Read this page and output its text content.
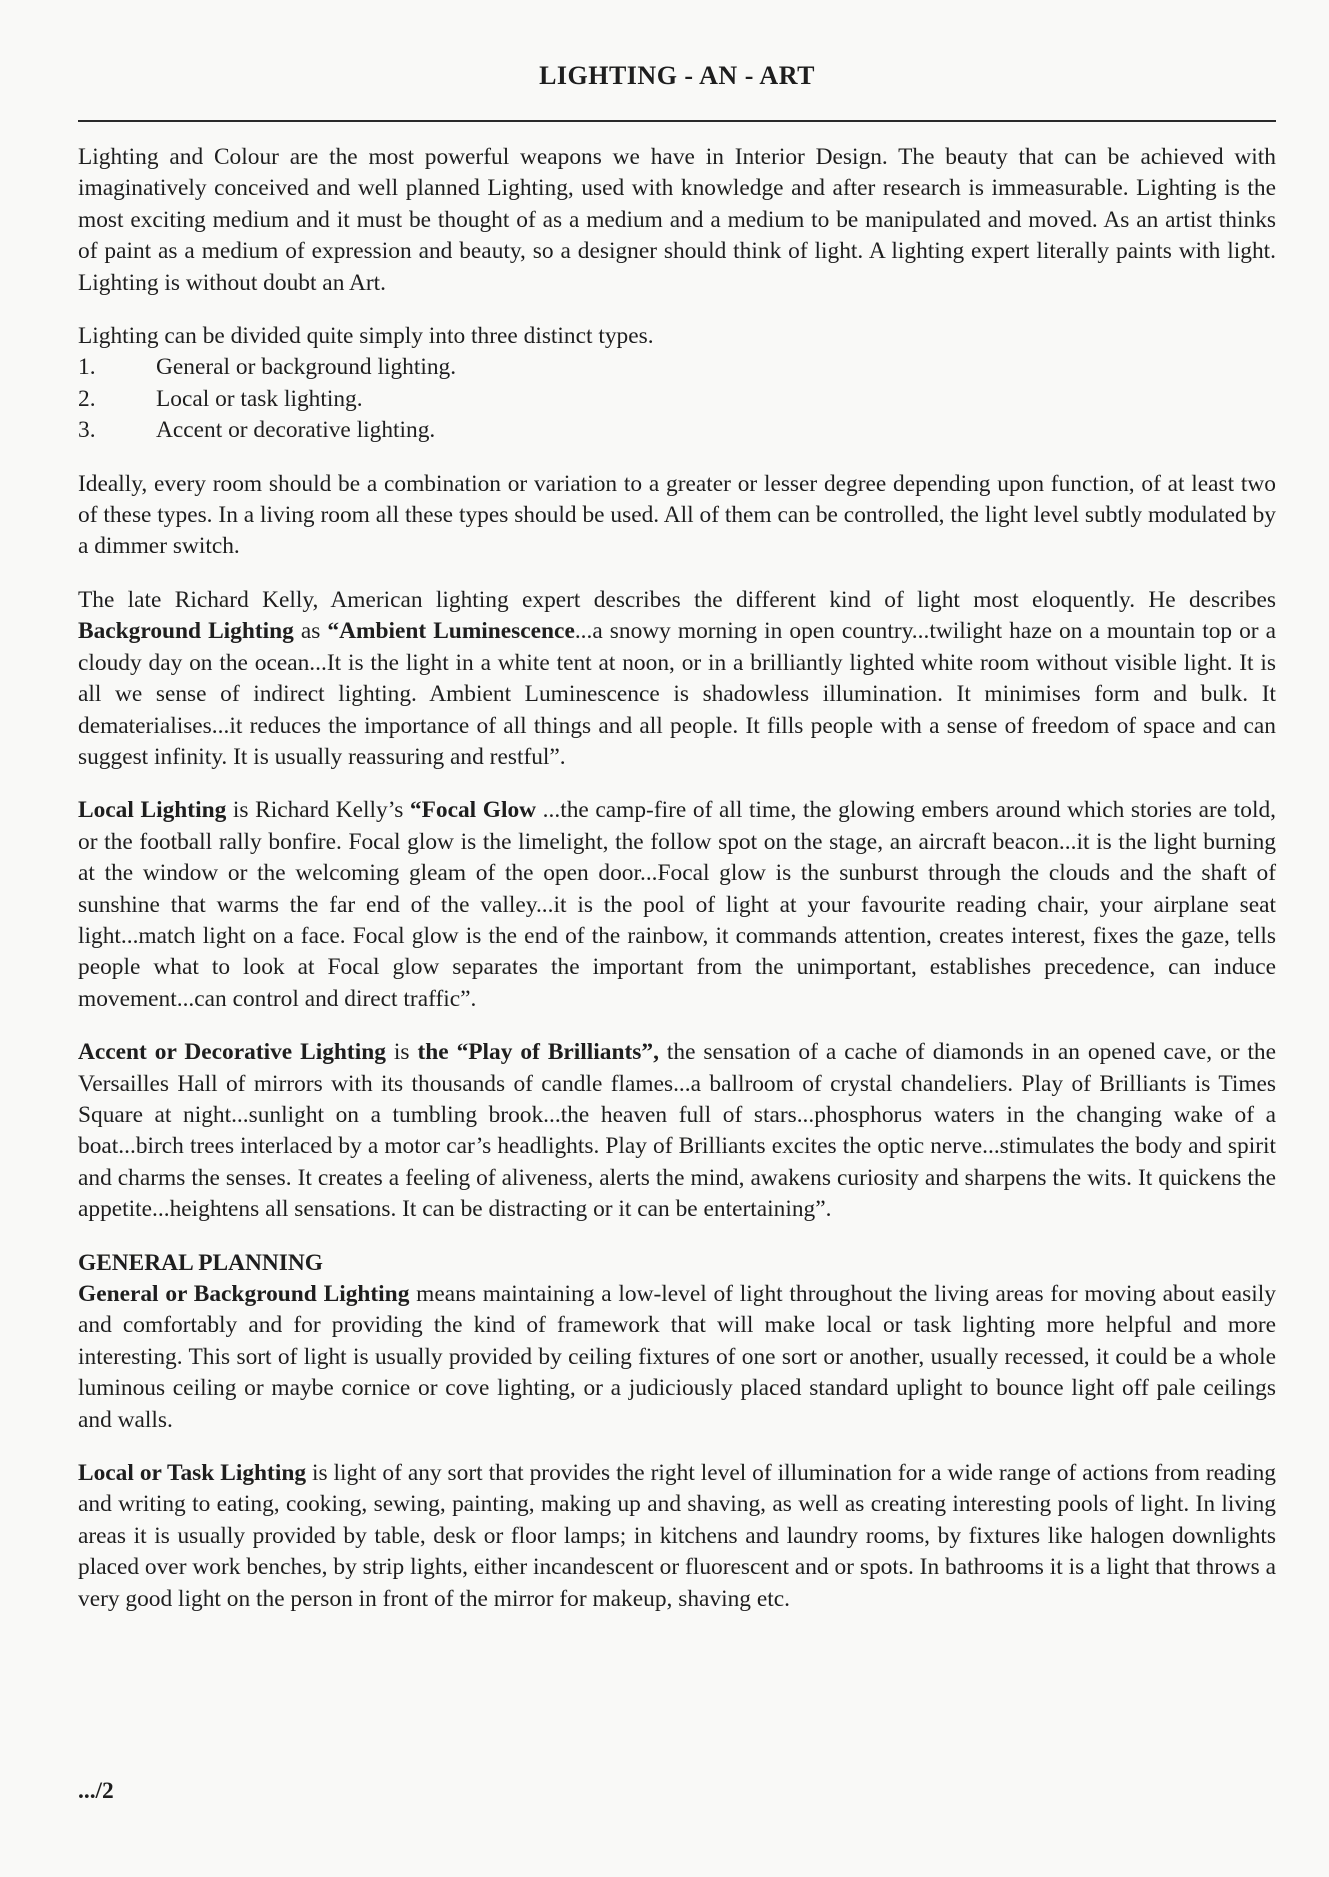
LIGHTING - AN - ART

Lighting and Colour are the most powerful weapons we have in Interior Design. The beauty that can be achieved with imaginatively conceived and well planned Lighting, used with knowledge and after research is immeasurable. Lighting is the most exciting medium and it must be thought of as a medium and a medium to be manipulated and moved. As an artist thinks of paint as a medium of expression and beauty, so a designer should think of light. A lighting expert literally paints with light. Lighting is without doubt an Art.

Lighting can be divided quite simply into three distinct types.
1.	General or background lighting.
2.	Local or task lighting.
3.	Accent or decorative lighting.

Ideally, every room should be a combination or variation to a greater or lesser degree depending upon function, of at least two of these types. In a living room all these types should be used. All of them can be controlled, the light level subtly modulated by a dimmer switch.

The late Richard Kelly, American lighting expert describes the different kind of light most eloquently. He describes Background Lighting as “Ambient Luminescence...a snowy morning in open country...twilight haze on a mountain top or a cloudy day on the ocean...It is the light in a white tent at noon, or in a brilliantly lighted white room without visible light. It is all we sense of indirect lighting. Ambient Luminescence is shadowless illumination. It minimises form and bulk. It dematerialises...it reduces the importance of all things and all people. It fills people with a sense of freedom of space and can suggest infinity. It is usually reassuring and restful”.

Local Lighting is Richard Kelly’s “Focal Glow ...the camp-fire of all time, the glowing embers around which stories are told, or the football rally bonfire. Focal glow is the limelight, the follow spot on the stage, an aircraft beacon...it is the light burning at the window or the welcoming gleam of the open door...Focal glow is the sunburst through the clouds and the shaft of sunshine that warms the far end of the valley...it is the pool of light at your favourite reading chair, your airplane seat light...match light on a face. Focal glow is the end of the rainbow, it commands attention, creates interest, fixes the gaze, tells people what to look at Focal glow separates the important from the unimportant, establishes precedence, can induce movement...can control and direct traffic”.

Accent or Decorative Lighting is the “Play of Brilliants”, the sensation of a cache of diamonds in an opened cave, or the Versailles Hall of mirrors with its thousands of candle flames...a ballroom of crystal chandeliers. Play of Brilliants is Times Square at night...sunlight on a tumbling brook...the heaven full of stars...phosphorus waters in the changing wake of a boat...birch trees interlaced by a motor car’s headlights. Play of Brilliants excites the optic nerve...stimulates the body and spirit and charms the senses. It creates a feeling of aliveness, alerts the mind, awakens curiosity and sharpens the wits. It quickens the appetite...heightens all sensations. It can be distracting or it can be entertaining”.

GENERAL PLANNING

General or Background Lighting means maintaining a low-level of light throughout the living areas for moving about easily and comfortably and for providing the kind of framework that will make local or task lighting more helpful and more interesting. This sort of light is usually provided by ceiling fixtures of one sort or another, usually recessed, it could be a whole luminous ceiling or maybe cornice or cove lighting, or a judiciously placed standard uplight to bounce light off pale ceilings and walls.

Local or Task Lighting is light of any sort that provides the right level of illumination for a wide range of actions from reading and writing to eating, cooking, sewing, painting, making up and shaving, as well as creating interesting pools of light. In living areas it is usually provided by table, desk or floor lamps; in kitchens and laundry rooms, by fixtures like halogen downlights placed over work benches, by strip lights, either incandescent or fluorescent and or spots. In bathrooms it is a light that throws a very good light on the person in front of the mirror for makeup, shaving etc.

.../2
